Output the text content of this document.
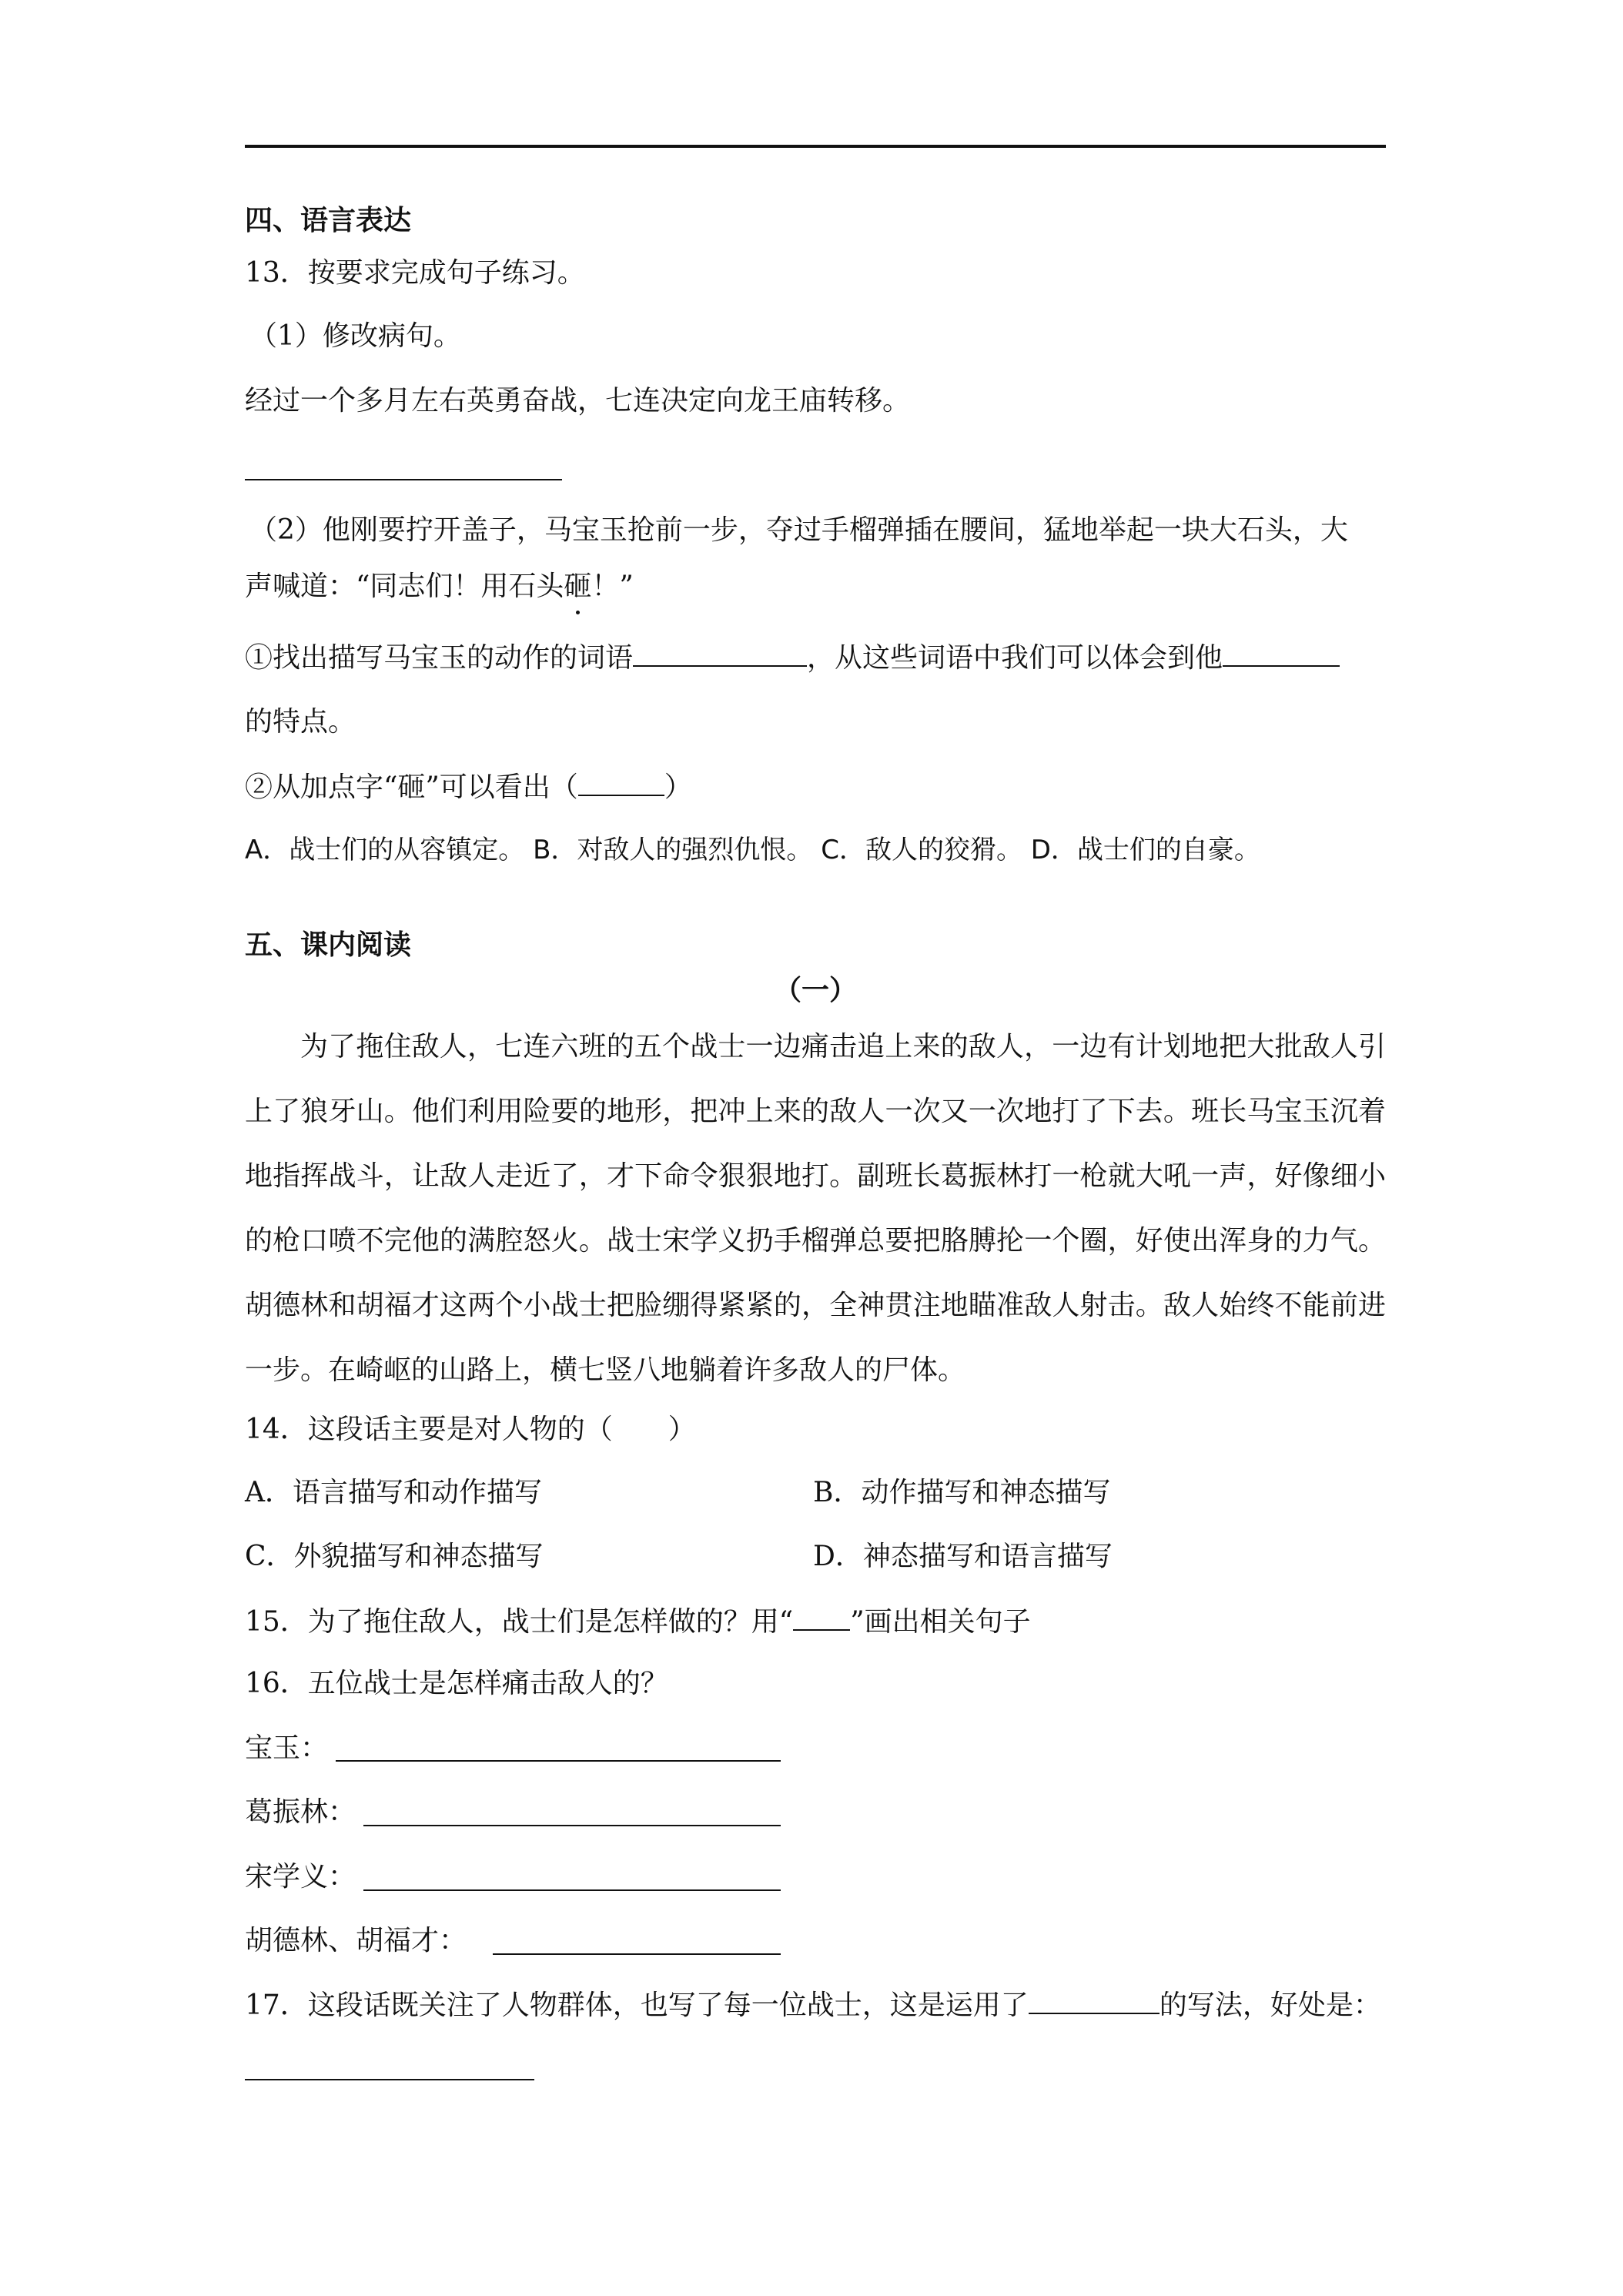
四、语言表达
13．按要求完成句子练习。
（1）修改病句。
经过一个多月左右英勇奋战，七连决定向龙王庙转移。
（2）他刚要拧开盖子，马宝玉抢前一步，夺过手榴弹插在腰间，猛地举起一块大石头，大
声喊道：“同志们！用石头砸！”
①找出描写马宝玉的动作的词语	，从这些词语中我们可以体会到他
的特点。
②从加点字“砸”可以看出（	）
A．战士们的从容镇定。 B．对敌人的强烈仇恨。 C．敌人的狡猾。 D．战士们的自豪。
五、课内阅读
（一）
为了拖住敌人，七连六班的五个战士一边痛击追上来的敌人，一边有计划地把大批敌人引上了狼牙山。他们利用险要的地形，把冲上来的敌人一次又一次地打了下去。班长马宝玉沉着地指挥战斗，让敌人走近了，才下命令狠狠地打。副班长葛振林打一枪就大吼一声，好像细小的枪口喷不完他的满腔怒火。战士宋学义扔手榴弹总要把胳膊抡一个圈，好使出浑身的力气。胡德林和胡福才这两个小战士把脸绷得紧紧的，全神贯注地瞄准敌人射击。敌人始终不能前进一步。在崎岖的山路上，横七竖八地躺着许多敌人的尸体。
14．这段话主要是对人物的（　　）
A．语言描写和动作描写	B．动作描写和神态描写
C．外貌描写和神态描写	D．神态描写和语言描写
15．为了拖住敌人，战士们是怎样做的？用“ ”画出相关句子
16．五位战士是怎样痛击敌人的？
宝玉：
葛振林：
宋学义：
胡德林、胡福才：
17．这段话既关注了人物群体，也写了每一位战士，这是运用了	的写法，好处是：
